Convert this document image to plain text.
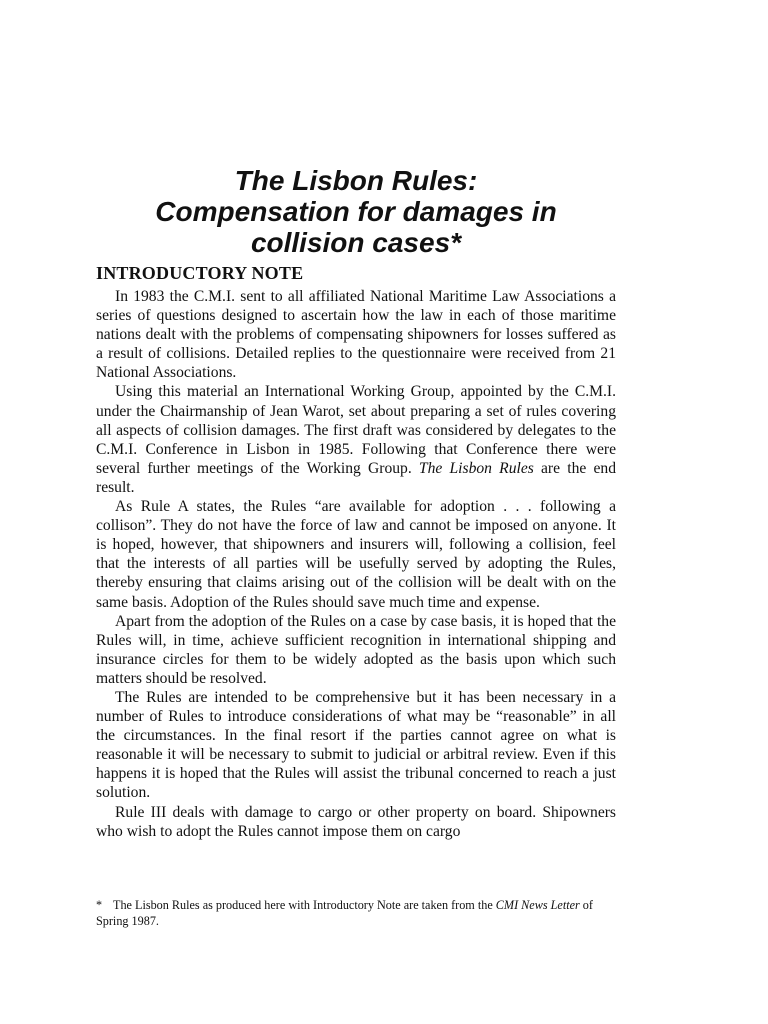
The Lisbon Rules:
Compensation for damages in
collision cases*
INTRODUCTORY NOTE

In 1983 the C.M.I. sent to all affiliated National Maritime Law Associations a series of questions designed to ascertain how the law in each of those maritime nations dealt with the problems of compensating shipowners for losses suffered as a result of collisions. Detailed replies to the questionnaire were received from 21 National Associations.

Using this material an International Working Group, appointed by the C.M.I. under the Chairmanship of Jean Warot, set about preparing a set of rules covering all aspects of collision damages. The first draft was considered by delegates to the C.M.I. Conference in Lisbon in 1985. Following that Conference there were several further meetings of the Working Group. The Lisbon Rules are the end result.

As Rule A states, the Rules “are available for adoption . . . following a collison”. They do not have the force of law and cannot be imposed on anyone. It is hoped, however, that shipowners and insurers will, following a collision, feel that the interests of all parties will be usefully served by adopting the Rules, thereby ensuring that claims arising out of the collision will be dealt with on the same basis. Adoption of the Rules should save much time and expense.

Apart from the adoption of the Rules on a case by case basis, it is hoped that the Rules will, in time, achieve sufficient recognition in international shipping and insurance circles for them to be widely adopted as the basis upon which such matters should be resolved.

The Rules are intended to be comprehensive but it has been necessary in a number of Rules to introduce considerations of what may be “reasonable” in all the circumstances. In the final resort if the parties cannot agree on what is reasonable it will be necessary to submit to judicial or arbitral review. Even if this happens it is hoped that the Rules will assist the tribunal concerned to reach a just solution.

Rule III deals with damage to cargo or other property on board. Shipowners who wish to adopt the Rules cannot impose them on cargo

* The Lisbon Rules as produced here with Introductory Note are taken from the CMI News Letter of Spring 1987.
